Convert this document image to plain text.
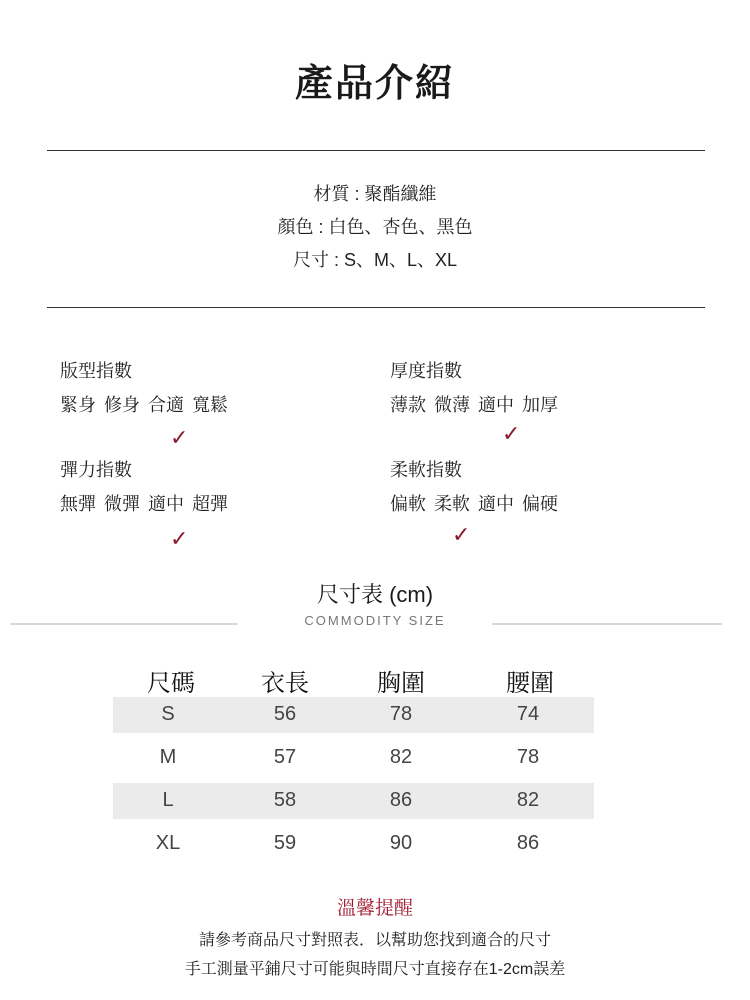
產品介紹
材質 : 聚酯纖維
顏色 : 白色、杏色、黑色
尺寸 : S、M、L、XL
版型指數
緊身 修身 合適 寬鬆
✓
厚度指數
薄款 微薄 適中 加厚
✓
彈力指數
無彈 微彈 適中 超彈
✓
柔軟指數
偏軟 柔軟 適中 偏硬
✓
尺寸表 (cm)
COMMODITY SIZE
尺碼	衣長	胸圍	腰圍
S	56	78	74
M	57	82	78
L	58	86	82
XL	59	90	86
溫馨提醒
請參考商品尺寸對照表．以幫助您找到適合的尺寸
手工測量平鋪尺寸可能與時間尺寸直接存在1-2cm誤差
